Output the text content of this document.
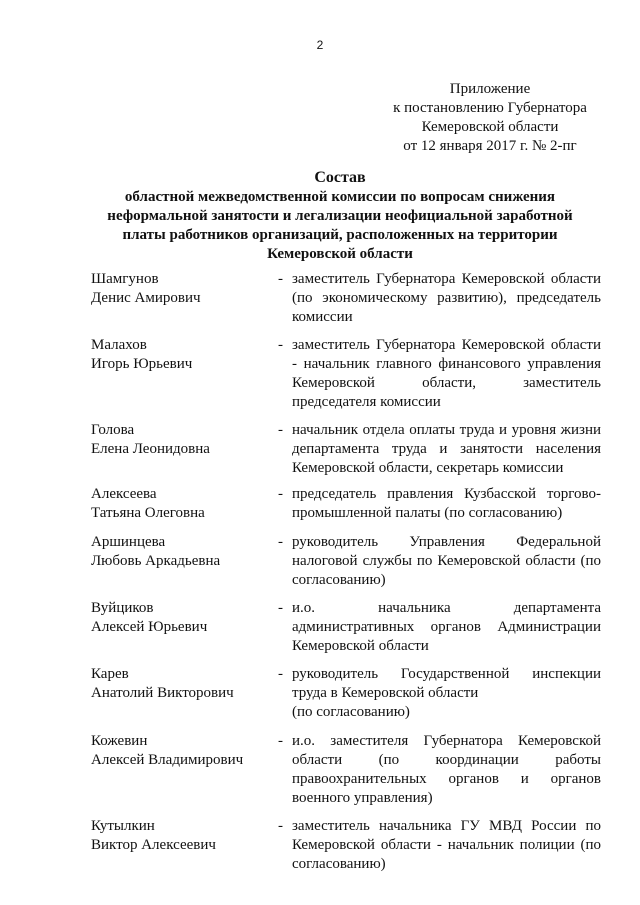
2
Приложение
к постановлению Губернатора
Кемеровской области
от 12 января 2017 г. № 2-пг
Состав
областной межведомственной комиссии по вопросам снижения
неформальной занятости и легализации неофициальной заработной
платы работников организаций, расположенных на территории
Кемеровской области
Шамгунов
Денис Амирович
- заместитель Губернатора Кемеровской области (по экономическому развитию), председатель комиссии
Малахов
Игорь Юрьевич
- заместитель Губернатора Кемеровской области - начальник главного финансового управления Кемеровской области, заместитель председателя комиссии
Голова
Елена Леонидовна
- начальник отдела оплаты труда и уровня жизни департамента труда и занятости населения Кемеровской области, секретарь комиссии
Алексеева
Татьяна Олеговна
- председатель правления Кузбасской торгово-промышленной палаты (по согласованию)
Аршинцева
Любовь Аркадьевна
- руководитель Управления Федеральной налоговой службы по Кемеровской области (по согласованию)
Вуйциков
Алексей Юрьевич
- и.о. начальника департамента административных органов Администрации Кемеровской области
Карев
Анатолий Викторович
- руководитель Государственной инспекции труда в Кемеровской области
(по согласованию)
Кожевин
Алексей Владимирович
- и.о. заместителя Губернатора Кемеровской области (по координации работы правоохранительных органов и органов военного управления)
Кутылкин
Виктор Алексеевич
- заместитель начальника ГУ МВД России по Кемеровской области - начальник полиции (по согласованию)
